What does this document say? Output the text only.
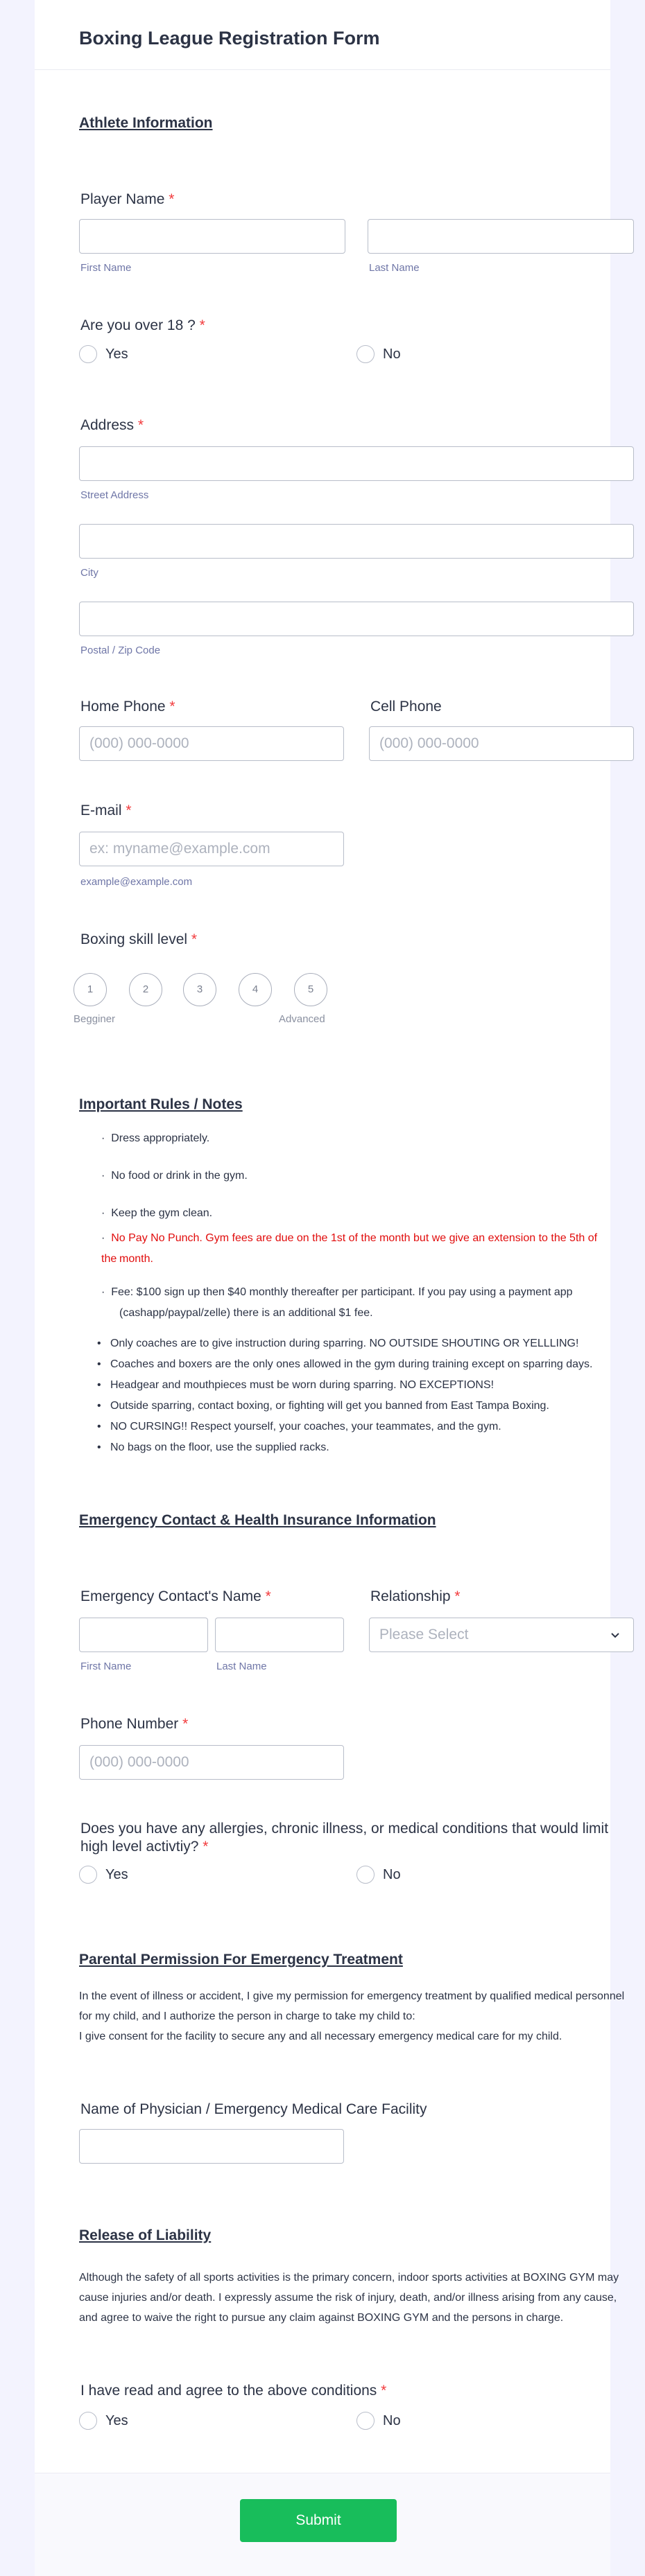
Boxing League Registration Form
Athlete Information
Player Name *
First Name	Last Name
Are you over 18 ? *
Yes	No
Address *
Street Address
City
Postal / Zip Code
Home Phone *
(000) 000-0000
Cell Phone
(000) 000-0000
E-mail *
ex: myname@example.com
example@example.com
Boxing skill level *
1	2	3	4	5
Begginer	Advanced
Important Rules / Notes
·  Dress appropriately.
·  No food or drink in the gym.
·  Keep the gym clean.
·  No Pay No Punch. Gym fees are due on the 1st of the month but we give an extension to the 5th of the month.
·  Fee: $100 sign up then $40 monthly thereafter per participant. If you pay using a payment app
(cashapp/paypal/zelle) there is an additional $1 fee.
•   Only coaches are to give instruction during sparring. NO OUTSIDE SHOUTING OR YELLLING!
•   Coaches and boxers are the only ones allowed in the gym during training except on sparring days.
•   Headgear and mouthpieces must be worn during sparring. NO EXCEPTIONS!
•   Outside sparring, contact boxing, or fighting will get you banned from East Tampa Boxing.
•   NO CURSING!! Respect yourself, your coaches, your teammates, and the gym.
•   No bags on the floor, use the supplied racks.
Emergency Contact & Health Insurance Information
Emergency Contact's Name *
First Name	Last Name
Relationship *
Please Select
Phone Number *
(000) 000-0000
Does you have any allergies, chronic illness, or medical conditions that would limit
high level activtiy? *
Yes	No
Parental Permission For Emergency Treatment
In the event of illness or accident, I give my permission for emergency treatment by qualified medical personnel
for my child, and I authorize the person in charge to take my child to:
I give consent for the facility to secure any and all necessary emergency medical care for my child.
Name of Physician / Emergency Medical Care Facility
Release of Liability
Although the safety of all sports activities is the primary concern, indoor sports activities at BOXING GYM may
cause injuries and/or death. I expressly assume the risk of injury, death, and/or illness arising from any cause,
and agree to waive the right to pursue any claim against BOXING GYM and the persons in charge.
I have read and agree to the above conditions *
Yes	No
Submit
